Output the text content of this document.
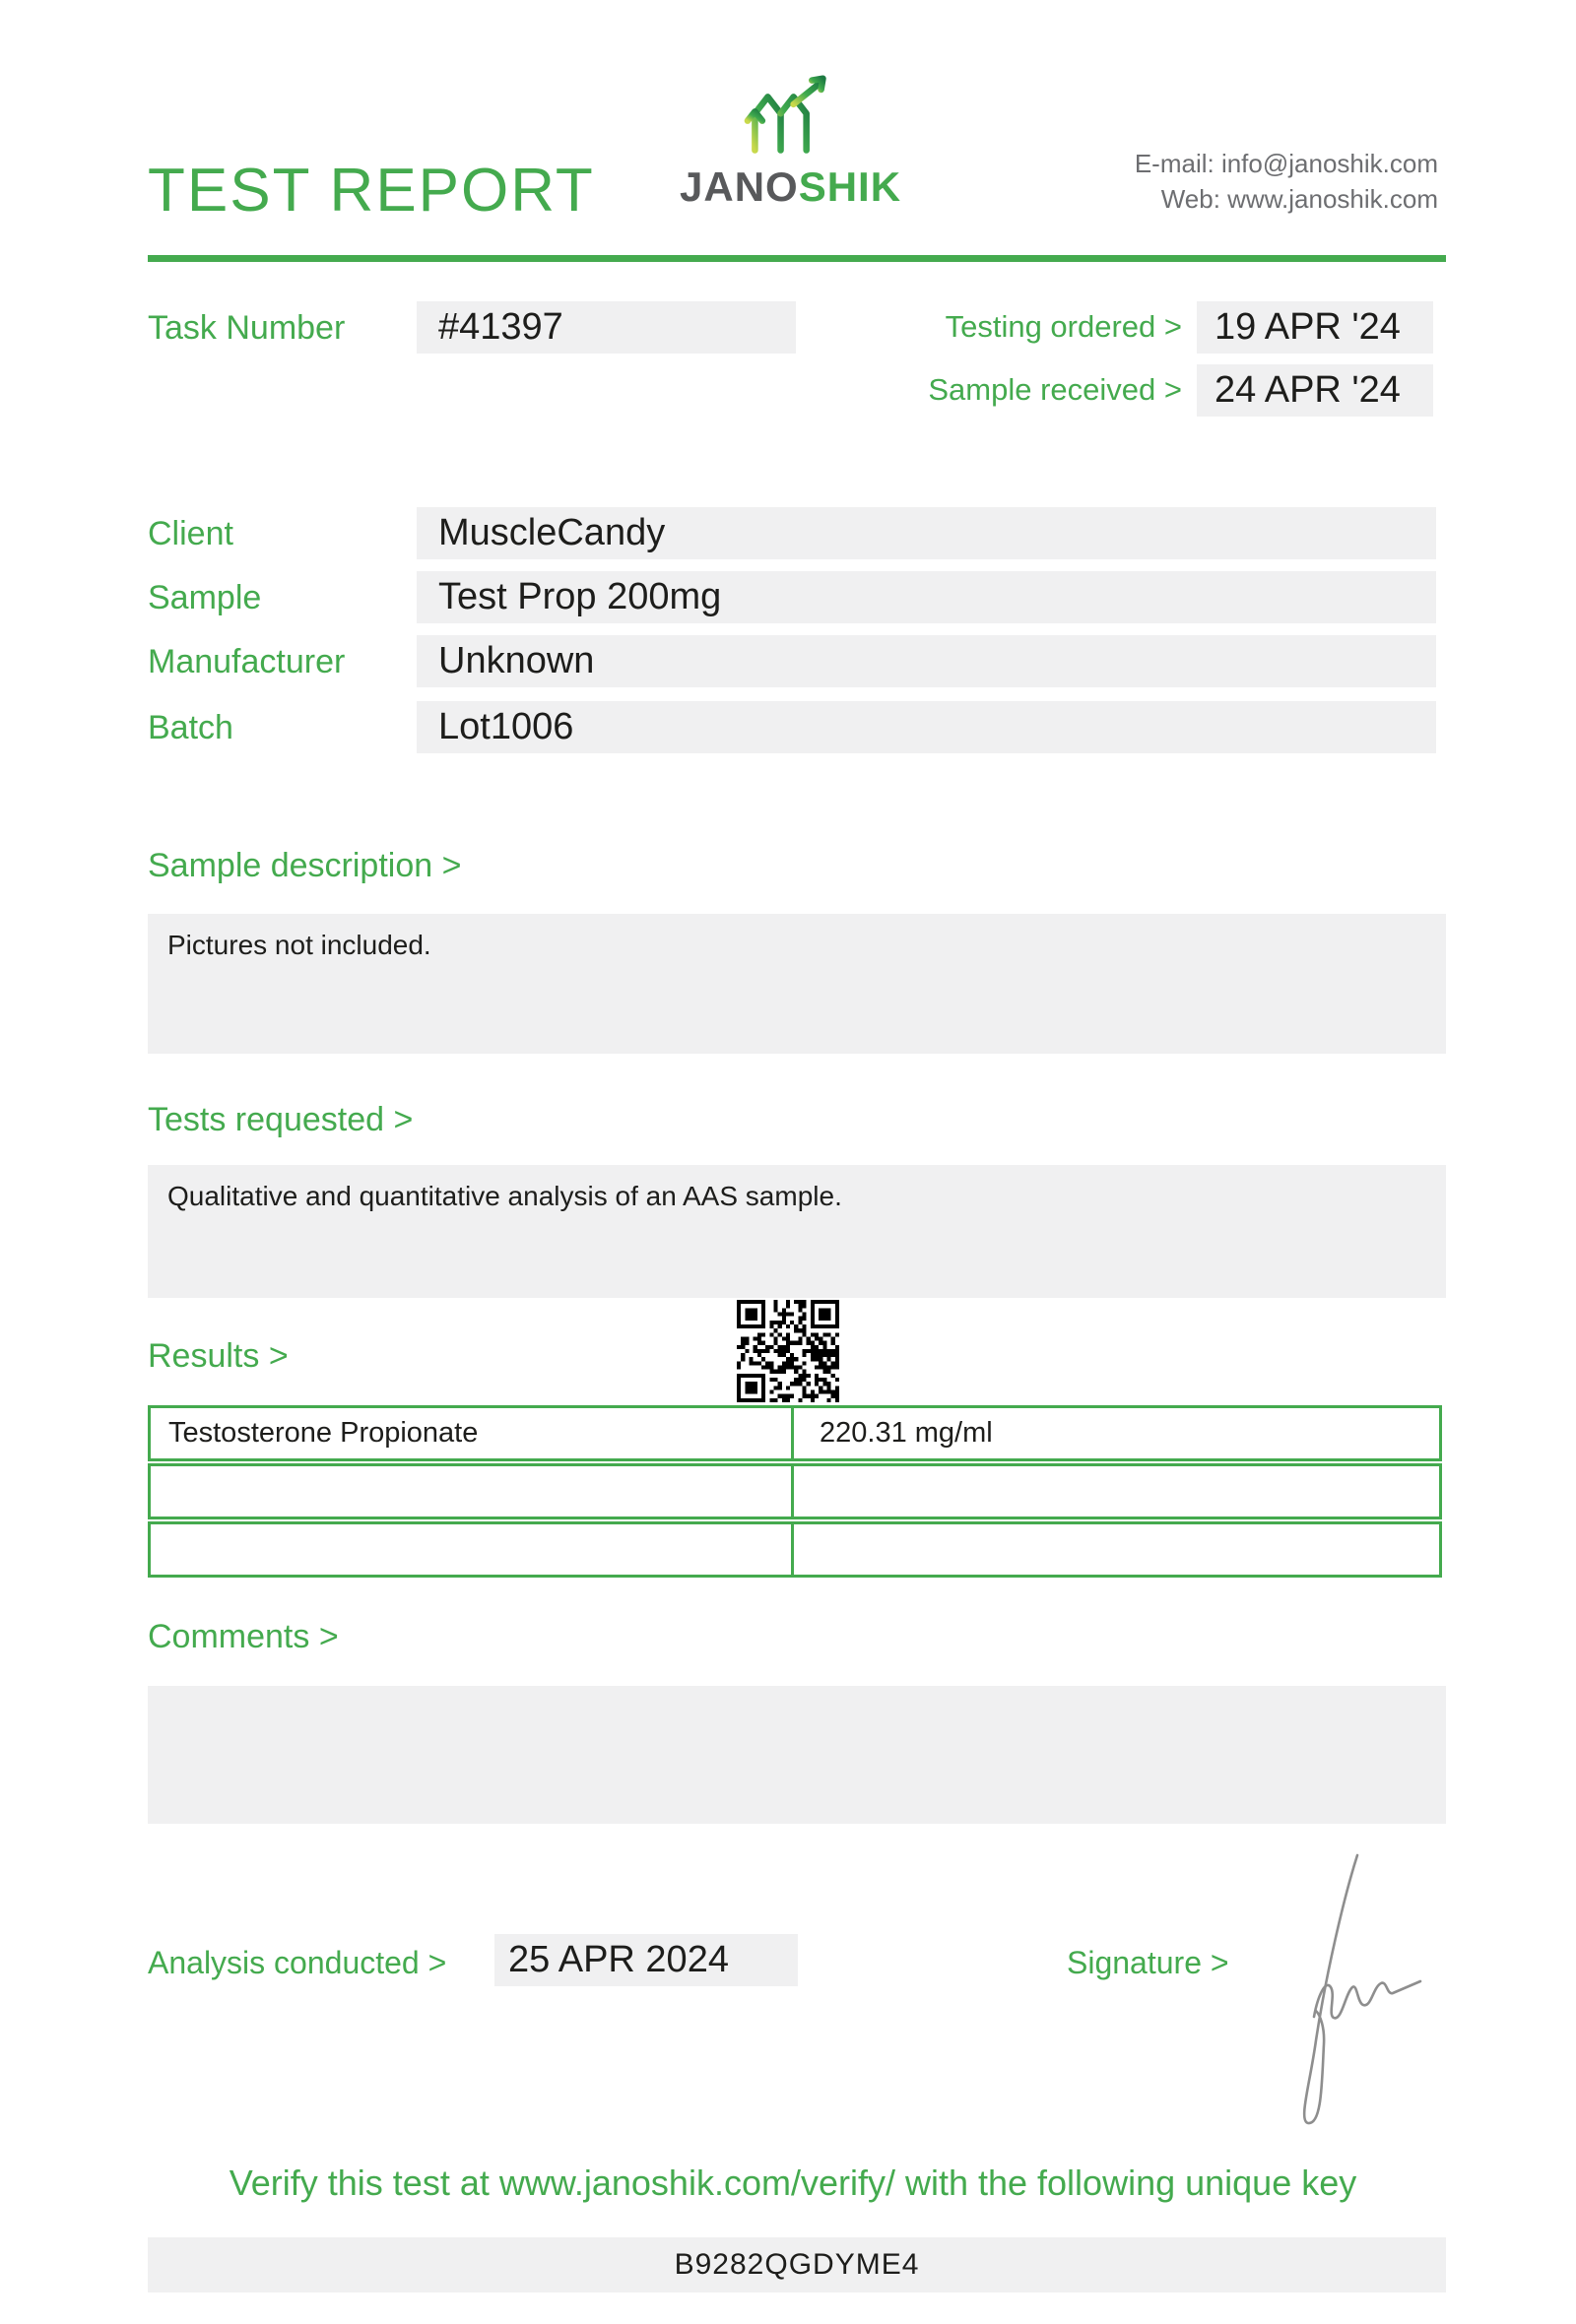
TEST REPORT JANOSHIK	E-mail: info@janoshik.com
Web: www.janoshik.com
Task Number	#41397	Testing ordered > 19 APR '24
Sample received > 24 APR '24
Client	MuscleCandy
Sample	Test Prop 200mg
Manufacturer	Unknown
Batch	Lot1006
Sample description >
Pictures not included.
Tests requested >
Qualitative and quantitative analysis of an AAS sample.
Results >
Testosterone Propionate	220.31 mg/ml
Comments >
Analysis conducted >	25 APR 2024	Signature >
Verify this test at www.janoshik.com/verify/ with the following unique key
B9282QGDYME4
